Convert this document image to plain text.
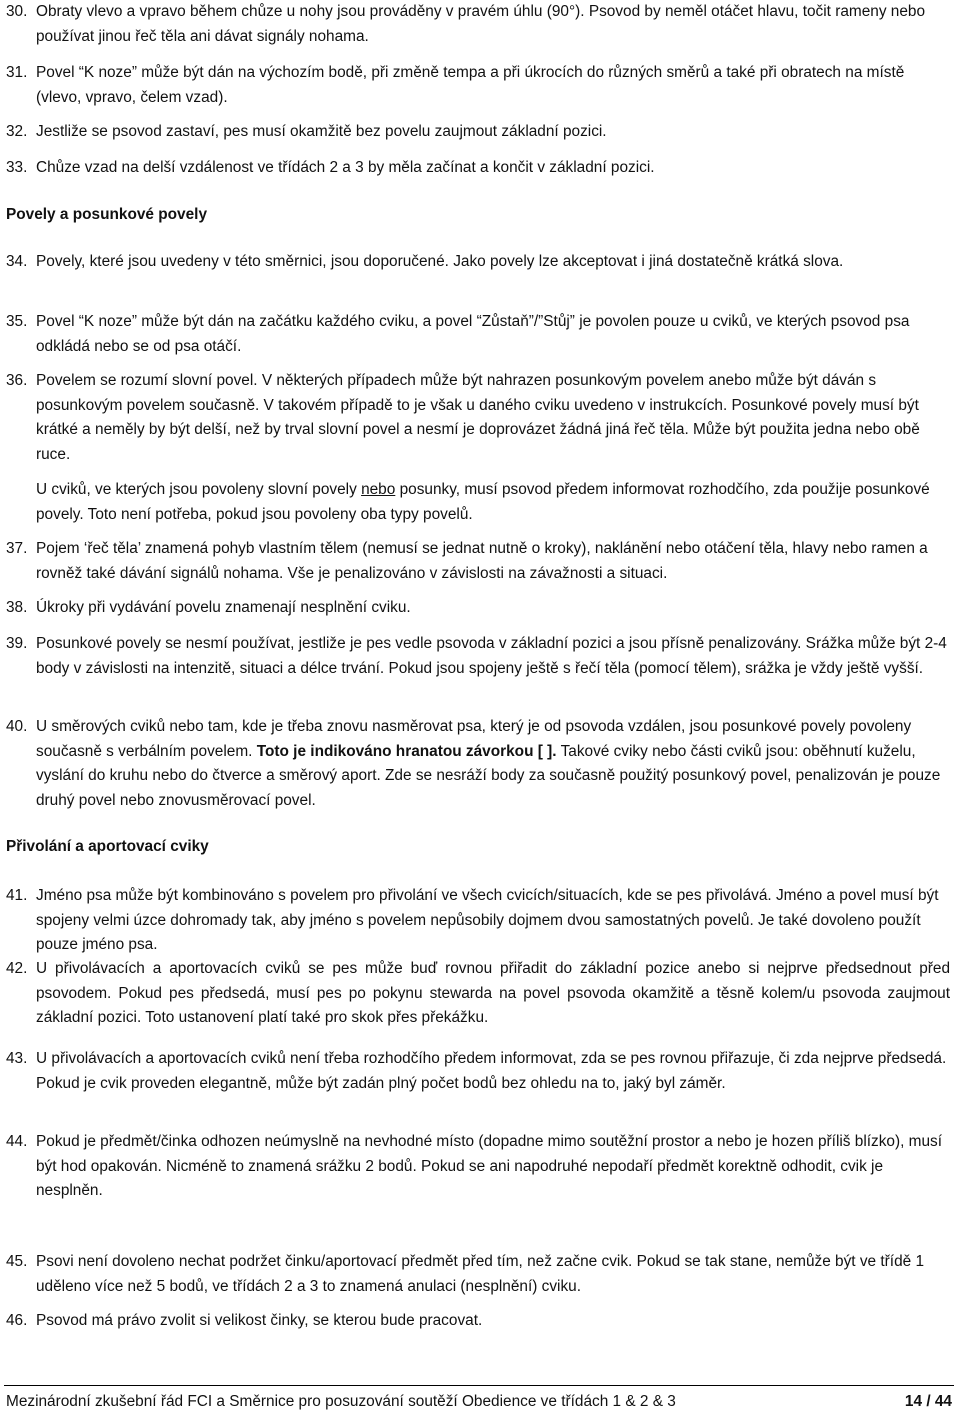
30. Obraty vlevo a vpravo během chůze u nohy jsou prováděny v pravém úhlu (90°). Psovod by neměl otáčet hlavu, točit rameny nebo používat jinou řeč těla ani dávat signály nohama.
31. Povel “K noze” může být dán na výchozím bodě, při změně tempa a při úkrocích do různých směrů a také při obratech na místě (vlevo, vpravo, čelem vzad).
32. Jestliže se psovod zastaví, pes musí okamžitě bez povelu zaujmout základní pozici.
33. Chůze vzad na delší vzdálenost ve třídách 2 a 3 by měla začínat a končit v základní pozici.
Povely a posunkové povely
34. Povely, které jsou uvedeny v této směrnici, jsou doporučené. Jako povely lze akceptovat i jiná dostatečně krátká slova.
35. Povel “K noze” může být dán na začátku každého cviku, a povel “Zůstaň”/”Stůj” je povolen pouze u cviků, ve kterých psovod psa odkládá nebo se od psa otáčí.
36. Povelem se rozumí slovní povel. V některých případech může být nahrazen posunkovým povelem anebo může být dáván s posunkovým povelem současně. V takovém případě to je však u daného cviku uvedeno v instrukcích. Posunkové povely musí být krátké a neměly by být delší, než by trval slovní povel a nesmí je doprovázet žádná jiná řeč těla. Může být použita jedna nebo obě ruce.
U cviků, ve kterých jsou povoleny slovní povely nebo posunky, musí psovod předem informovat rozhodčího, zda použije posunkové povely. Toto není potřeba, pokud jsou povoleny oba typy povelů.
37. Pojem ‘řeč těla’ znamená pohyb vlastním tělem (nemusí se jednat nutně o kroky), naklánění nebo otáčení těla, hlavy nebo ramen a rovněž také dávání signálů nohama. Vše je penalizováno v závislosti na závažnosti a situaci.
38. Úkroky při vydávání povelu znamenají nesplnění cviku.
39. Posunkové povely se nesmí používat, jestliže je pes vedle psovoda v základní pozici a jsou přísně penalizovány. Srážka může být 2-4 body v závislosti na intenzitě, situaci a délce trvání. Pokud jsou spojeny ještě s řečí těla (pomocí tělem), srážka je vždy ještě vyšší.
40. U směrových cviků nebo tam, kde je třeba znovu nasměrovat psa, který je od psovoda vzdálen, jsou posunkové povely povoleny současně s verbálním povelem. Toto je indikováno hranatou závorkou [ ]. Takové cviky nebo části cviků jsou: oběhnutí kuželu, vyslání do kruhu nebo do čtverce a směrový aport. Zde se nesráží body za současně použitý posunkový povel, penalizován je pouze druhý povel nebo znovusměrovací povel.
Přivolání a aportovací cviky
41. Jméno psa může být kombinováno s povelem pro přivolání ve všech cvicích/situacích, kde se pes přivolává. Jméno a povel musí být spojeny velmi úzce dohromady tak, aby jméno s povelem nepůsobily dojmem dvou samostatných povelů. Je také dovoleno použít pouze jméno psa.
42. U přivolávacích a aportovacích cviků se pes může buď rovnou přiřadit do základní pozice anebo si nejprve předsednout před psovodem. Pokud pes předsedá, musí pes po pokynu stewarda na povel psovoda okamžitě a těsně kolem/u psovoda zaujmout základní pozici. Toto ustanovení platí také pro skok přes překážku.
43. U přivolávacích a aportovacích cviků není třeba rozhodčího předem informovat, zda se pes rovnou přiřazuje, či zda nejprve předsedá. Pokud je cvik proveden elegantně, může být zadán plný počet bodů bez ohledu na to, jaký byl záměr.
44. Pokud je předmět/činka odhozen neúmyslně na nevhodné místo (dopadne mimo soutěžní prostor a nebo je hozen příliš blízko), musí být hod opakován. Nicméně to znamená srážku 2 bodů. Pokud se ani napodruhé nepodaří předmět korektně odhodit, cvik je nesplněn.
45. Psovi není dovoleno nechat podržet činku/aportovací předmět před tím, než začne cvik. Pokud se tak stane, nemůže být ve třídě 1 uděleno více než 5 bodů, ve třídách 2 a 3 to znamená anulaci (nesplnění) cviku.
46. Psovod má právo zvolit si velikost činky, se kterou bude pracovat.
Mezinárodní zkušební řád FCI a Směrnice pro posuzování soutěží Obedience ve třídách 1 & 2 & 3	14 / 44
